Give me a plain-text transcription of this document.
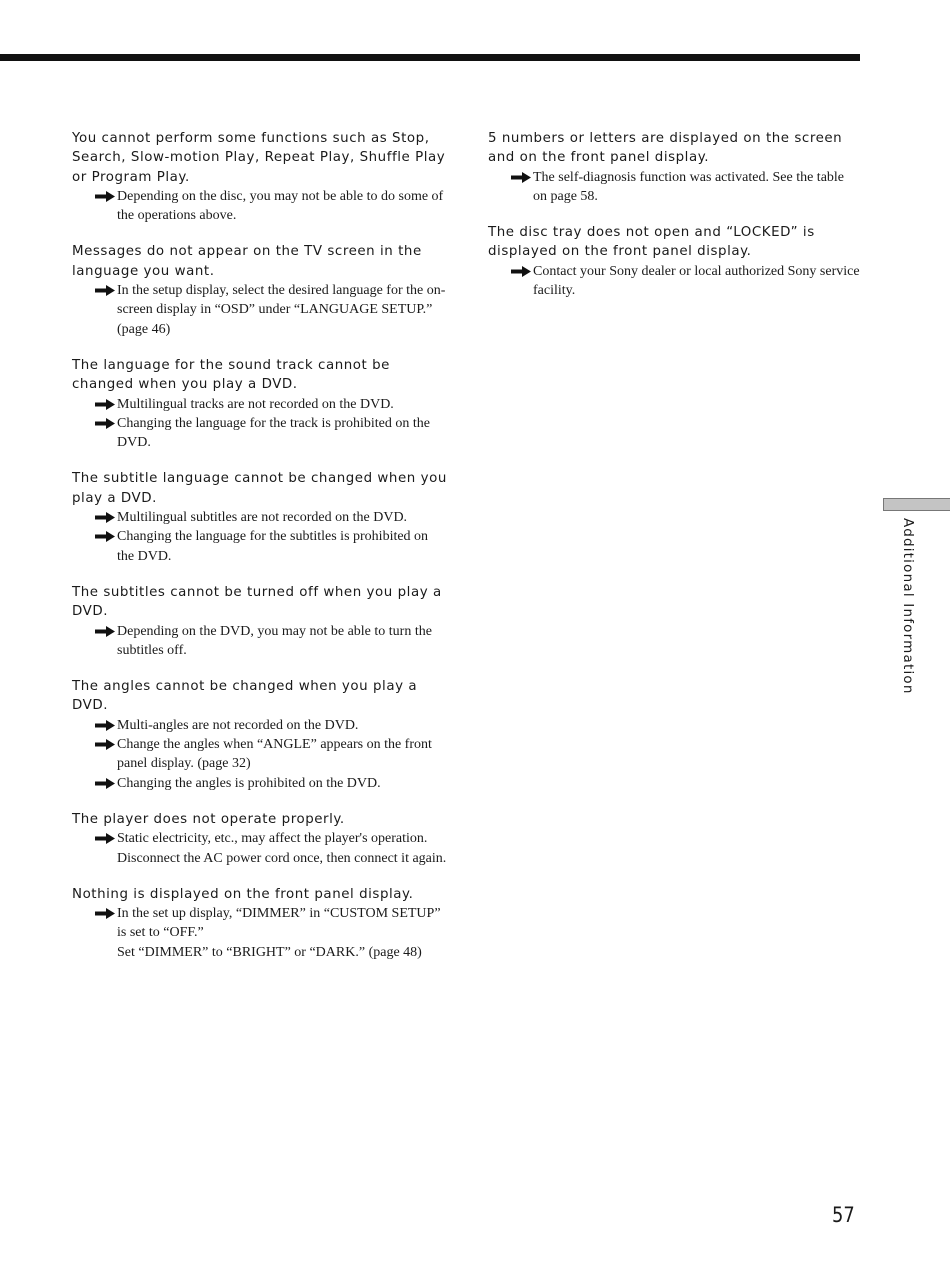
You cannot perform some functions such as Stop, Search, Slow-motion Play, Repeat Play, Shuffle Play or Program Play.

Depending on the disc, you may not be able to do some of the operations above.

Messages do not appear on the TV screen in the language you want.

In the setup display, select the desired language for the on-screen display in “OSD” under “LANGUAGE SETUP.” (page 46)

The language for the sound track cannot be changed when you play a DVD.

Multilingual tracks are not recorded on the DVD.
Changing the language for the track is prohibited on the DVD.

The subtitle language cannot be changed when you play a DVD.

Multilingual subtitles are not recorded on the DVD.
Changing the language for the subtitles is prohibited on the DVD.

The subtitles cannot be turned off when you play a DVD.

Depending on the DVD, you may not be able to turn the subtitles off.

The angles cannot be changed when you play a DVD.

Multi-angles are not recorded on the DVD.
Change the angles when “ANGLE” appears on the front panel display. (page 32)
Changing the angles is prohibited on the DVD.

The player does not operate properly.

Static electricity, etc., may affect the player's operation.
Disconnect the AC power cord once, then connect it again.

Nothing is displayed on the front panel display.

In the set up display, “DIMMER” in “CUSTOM SETUP” is set to “OFF.”
Set “DIMMER” to “BRIGHT” or “DARK.” (page 48)

5 numbers or letters are displayed on the screen and on the front panel display.

The self-diagnosis function was activated. See the table on page 58.

The disc tray does not open and “LOCKED” is displayed on the front panel display.

Contact your Sony dealer or local authorized Sony service facility.
Additional Information
57
